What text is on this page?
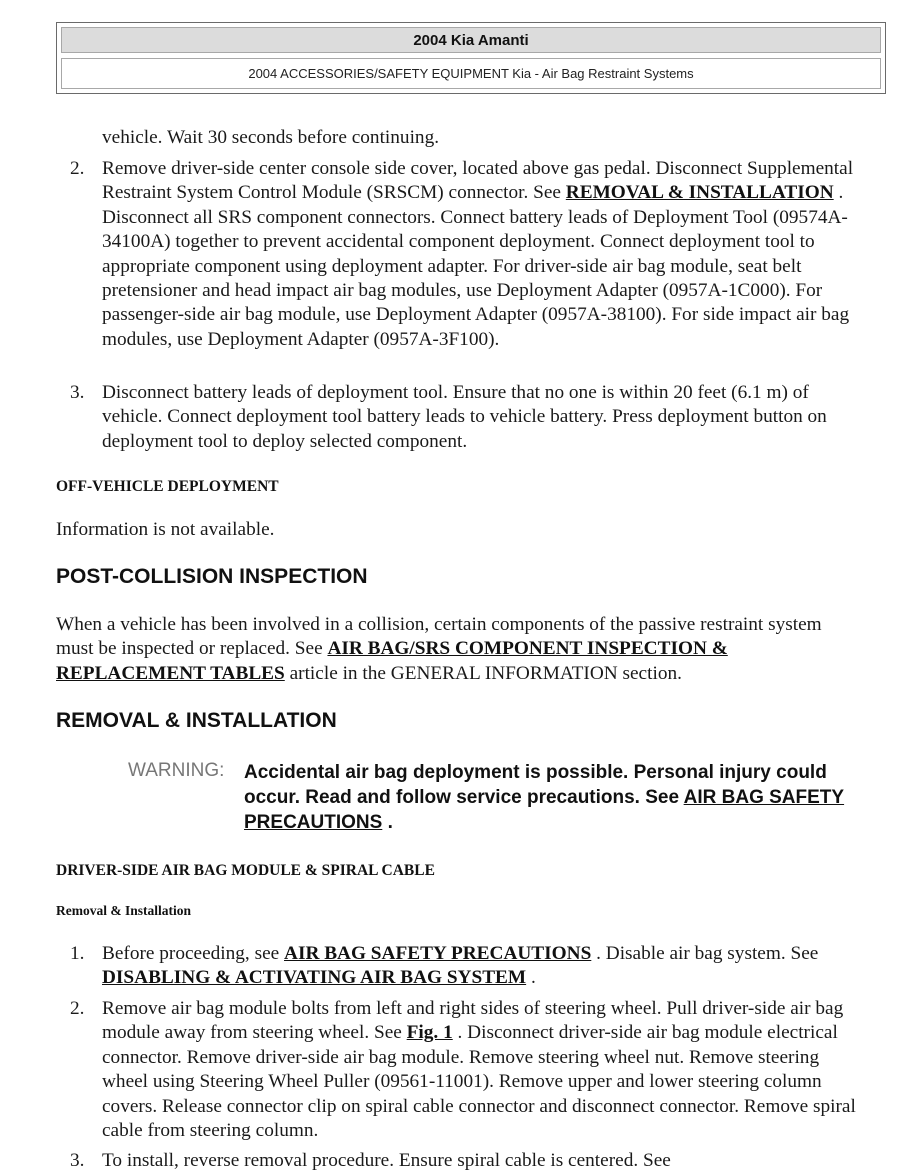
2004 Kia Amanti
2004 ACCESSORIES/SAFETY EQUIPMENT Kia - Air Bag Restraint Systems
vehicle. Wait 30 seconds before continuing.
2. Remove driver-side center console side cover, located above gas pedal. Disconnect Supplemental Restraint System Control Module (SRSCM) connector. See REMOVAL & INSTALLATION . Disconnect all SRS component connectors. Connect battery leads of Deployment Tool (09574A-34100A) together to prevent accidental component deployment. Connect deployment tool to appropriate component using deployment adapter. For driver-side air bag module, seat belt pretensioner and head impact air bag modules, use Deployment Adapter (0957A-1C000). For passenger-side air bag module, use Deployment Adapter (0957A-38100). For side impact air bag modules, use Deployment Adapter (0957A-3F100).
3. Disconnect battery leads of deployment tool. Ensure that no one is within 20 feet (6.1 m) of vehicle. Connect deployment tool battery leads to vehicle battery. Press deployment button on deployment tool to deploy selected component.
OFF-VEHICLE DEPLOYMENT
Information is not available.
POST-COLLISION INSPECTION
When a vehicle has been involved in a collision, certain components of the passive restraint system must be inspected or replaced. See AIR BAG/SRS COMPONENT INSPECTION & REPLACEMENT TABLES article in the GENERAL INFORMATION section.
REMOVAL & INSTALLATION
WARNING: Accidental air bag deployment is possible. Personal injury could occur. Read and follow service precautions. See AIR BAG SAFETY PRECAUTIONS .
DRIVER-SIDE AIR BAG MODULE & SPIRAL CABLE
Removal & Installation
1. Before proceeding, see AIR BAG SAFETY PRECAUTIONS . Disable air bag system. See DISABLING & ACTIVATING AIR BAG SYSTEM .
2. Remove air bag module bolts from left and right sides of steering wheel. Pull driver-side air bag module away from steering wheel. See Fig. 1 . Disconnect driver-side air bag module electrical connector. Remove driver-side air bag module. Remove steering wheel nut. Remove steering wheel using Steering Wheel Puller (09561-11001). Remove upper and lower steering column covers. Release connector clip on spiral cable connector and disconnect connector. Remove spiral cable from steering column.
3. To install, reverse removal procedure. Ensure spiral cable is centered. See
